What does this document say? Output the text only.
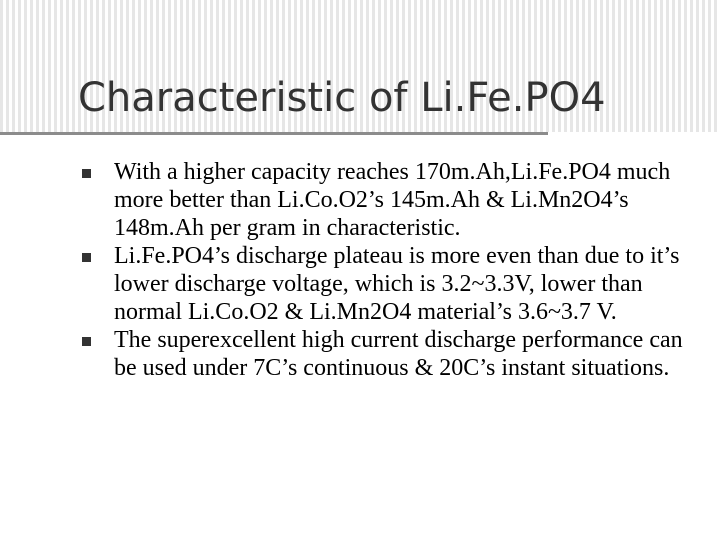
Characteristic of Li.Fe.PO4
With a higher capacity reaches 170m.Ah,Li.Fe.PO4 much more better than Li.Co.O2’s 145m.Ah & Li.Mn2O4’s 148m.Ah per gram in characteristic.
Li.Fe.PO4’s discharge plateau is more even than due to it’s lower discharge voltage, which is 3.2~3.3V, lower than normal Li.Co.O2 & Li.Mn2O4 material’s 3.6~3.7 V.
The superexcellent high current discharge performance can be used under 7C’s continuous & 20C’s instant situations.
